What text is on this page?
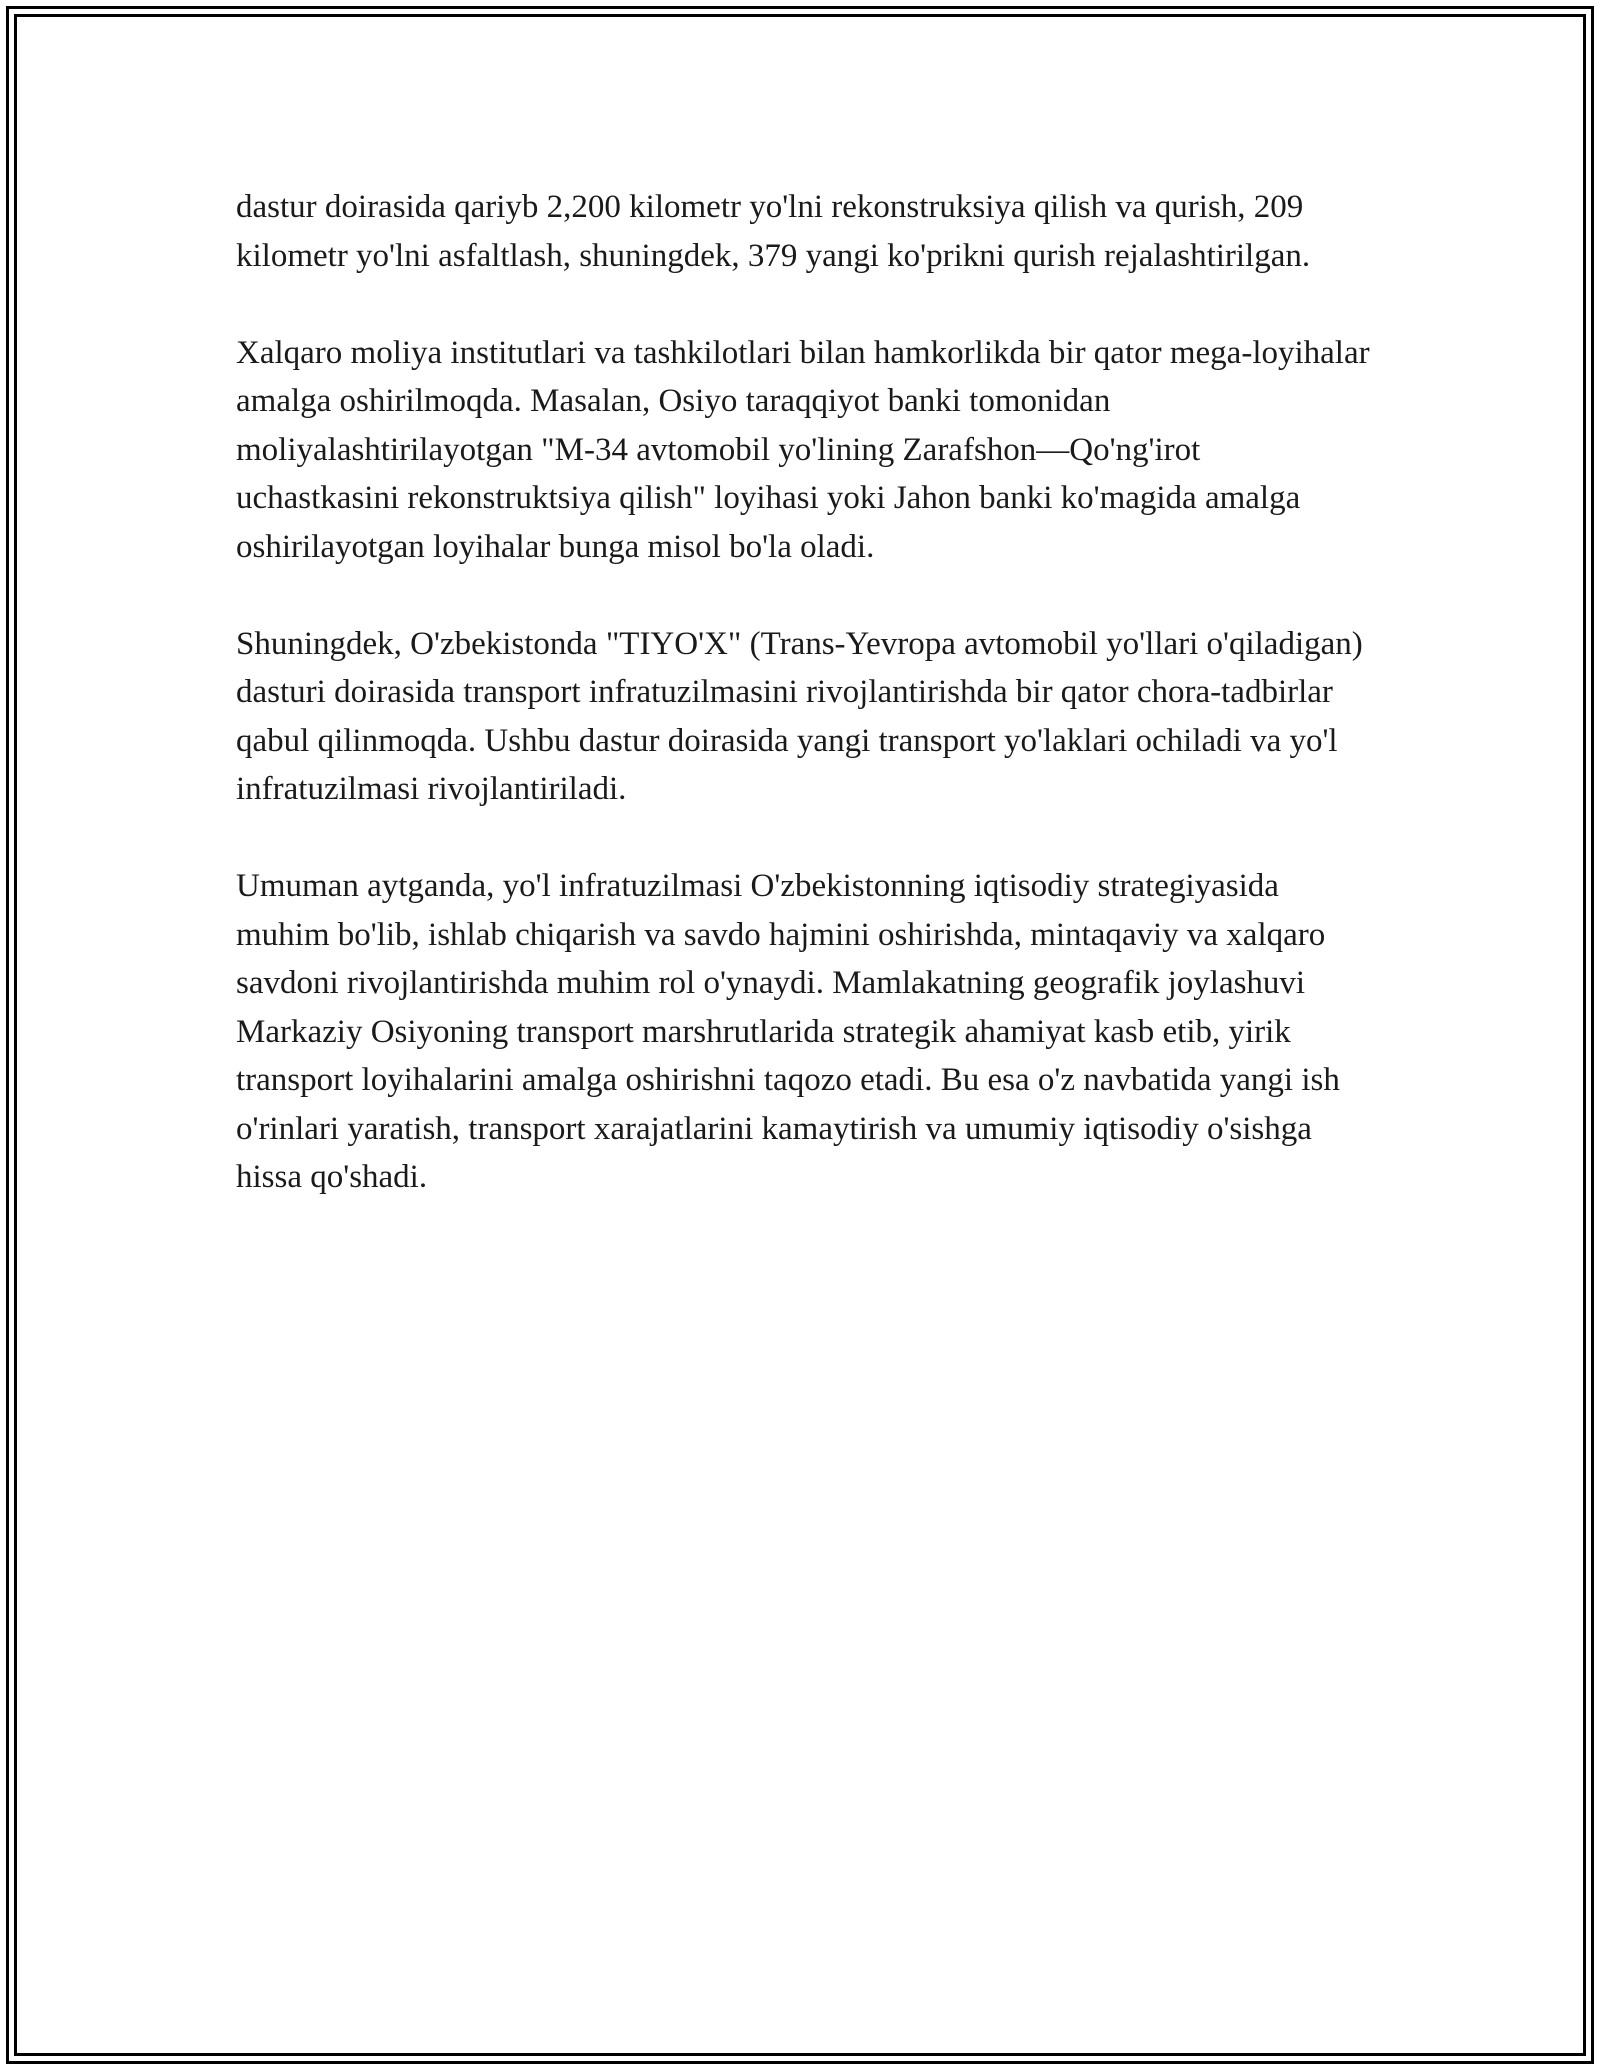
dastur doirasida qariyb 2,200 kilometr yo'lni rekonstruksiya qilish va qurish, 209 kilometr yo'lni asfaltlash, shuningdek, 379 yangi ko'prikni qurish rejalashtirilgan.

Xalqaro moliya institutlari va tashkilotlari bilan hamkorlikda bir qator mega-loyihalar amalga oshirilmoqda. Masalan, Osiyo taraqqiyot banki tomonidan moliyalashtirilayotgan "M-34 avtomobil yo'lining Zarafshon—Qo'ng'irot uchastkasini rekonstruktsiya qilish" loyihasi yoki Jahon banki ko'magida amalga oshirilayotgan loyihalar bunga misol bo'la oladi.

Shuningdek, O'zbekistonda "TIYO'X" (Trans-Yevropa avtomobil yo'llari o'qiladigan) dasturi doirasida transport infratuzilmasini rivojlantirishda bir qator chora-tadbirlar qabul qilinmoqda. Ushbu dastur doirasida yangi transport yo'laklari ochiladi va yo'l infratuzilmasi rivojlantiriladi.

Umuman aytganda, yo'l infratuzilmasi O'zbekistonning iqtisodiy strategiyasida muhim bo'lib, ishlab chiqarish va savdo hajmini oshirishda, mintaqaviy va xalqaro savdoni rivojlantirishda muhim rol o'ynaydi. Mamlakatning geografik joylashuvi Markaziy Osiyoning transport marshrutlarida strategik ahamiyat kasb etib, yirik transport loyihalarini amalga oshirishni taqozo etadi. Bu esa o'z navbatida yangi ish o'rinlari yaratish, transport xarajatlarini kamaytirish va umumiy iqtisodiy o'sishga hissa qo'shadi.
